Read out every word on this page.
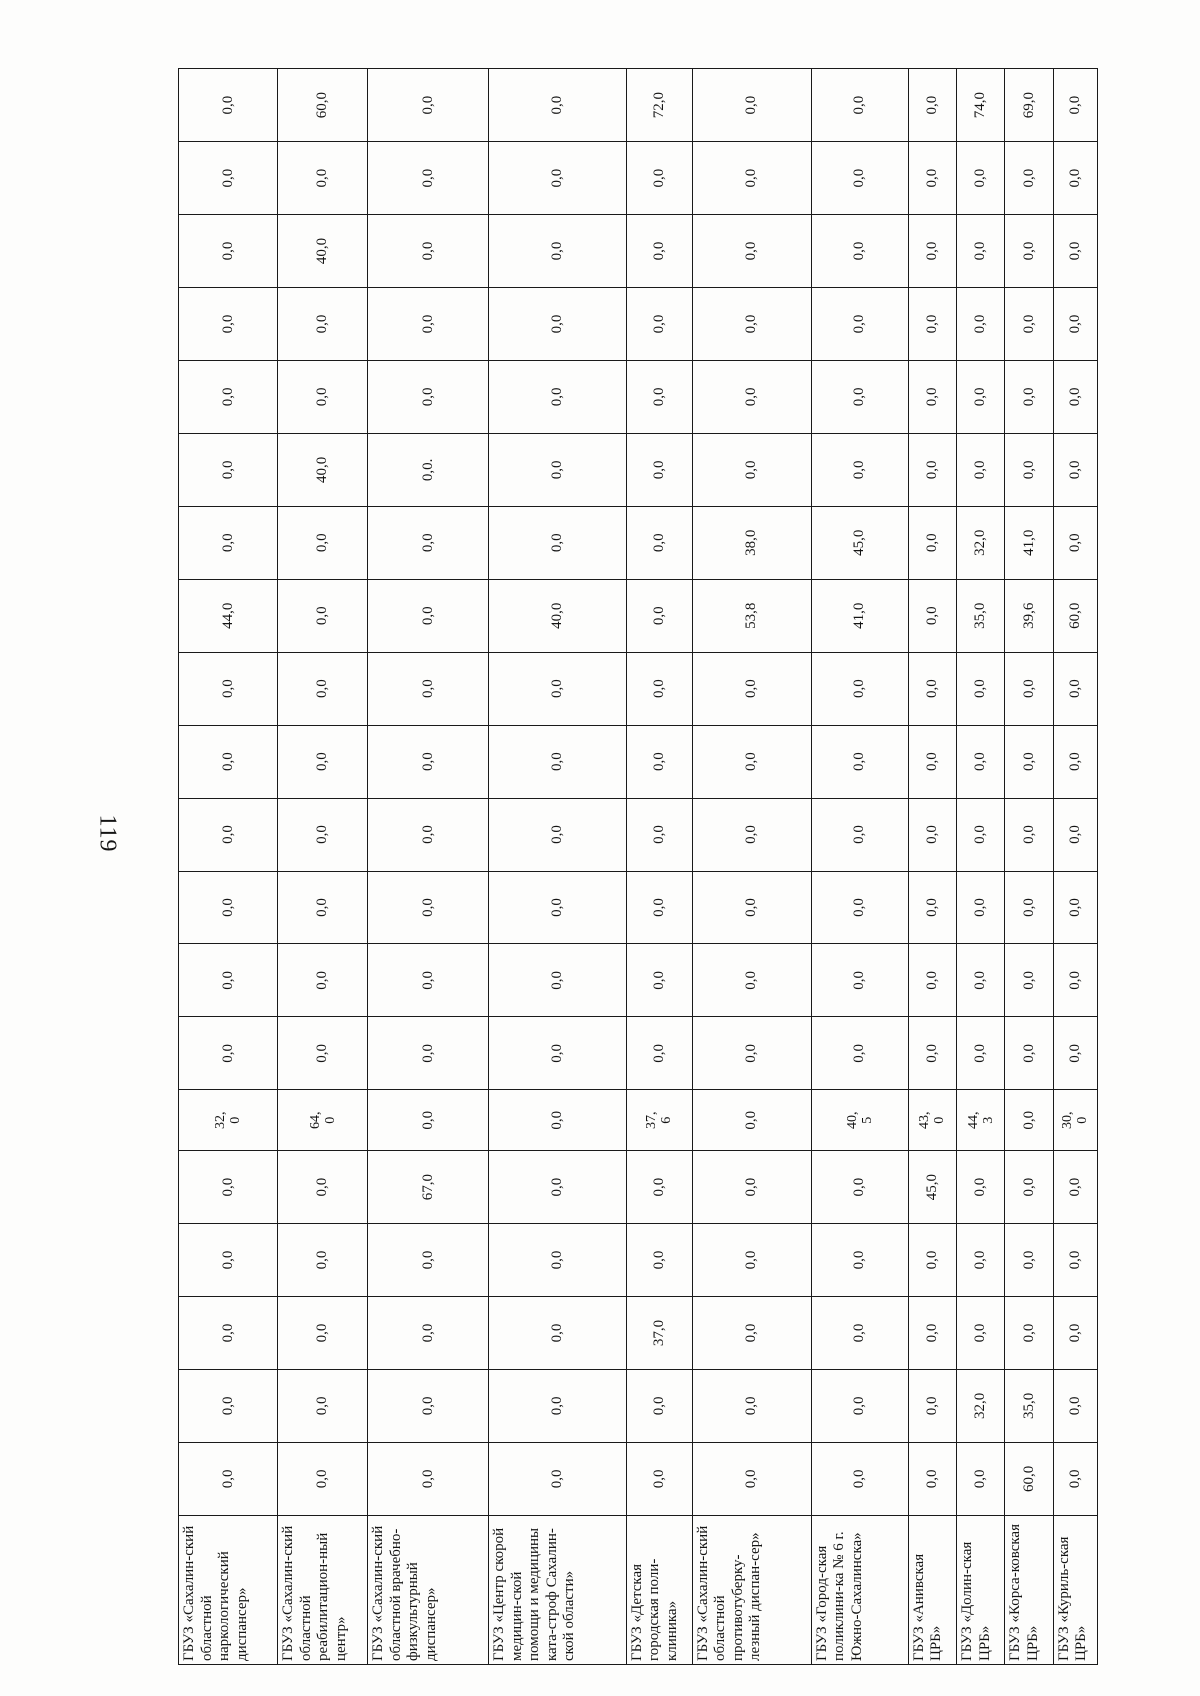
119
ГБУЗ «Сахалин-ский областной наркологический диспансер»	0,0	0,0	0,0	0,0	0,0	32, 0	0,0	0,0	0,0	0,0	0,0	0,0	44,0	0,0	0,0	0,0	0,0	0,0	0,0	0,0
ГБУЗ «Сахалин-ский областной реабилитацион-ный центр»	0,0	0,0	0,0	0,0	0,0	64, 0	0,0	0,0	0,0	0,0	0,0	0,0	0,0	0,0	40,0	0,0	0,0	40,0	0,0	60,0
ГБУЗ «Сахалин-ский областной врачебно-физкультурный диспансер»	0,0	0,0	0,0	0,0	67,0	0,0	0,0	0,0	0,0	0,0	0,0	0,0	0,0	0,0	0,0.	0,0	0,0	0,0	0,0	0,0
ГБУЗ «Центр скорой медицин-ской помощи и медицины ката-строф Сахалин-ской области»	0,0	0,0	0,0	0,0	0,0	0,0	0,0	0,0	0,0	0,0	0,0	0,0	40,0	0,0	0,0	0,0	0,0	0,0	0,0	0,0
ГБУЗ «Детская городская поли-клиника»	0,0	0,0	37,0	0,0	0,0	37, 6	0,0	0,0	0,0	0,0	0,0	0,0	0,0	0,0	0,0	0,0	0,0	0,0	0,0	72,0
ГБУЗ «Сахалин-ский областной противотуберку-лезный диспан-сер»	0,0	0,0	0,0	0,0	0,0	0,0	0,0	0,0	0,0	0,0	0,0	0,0	53,8	38,0	0,0	0,0	0,0	0,0	0,0	0,0
ГБУЗ «Город-ская поликлини-ка № 6 г. Южно-Сахалинска»	0,0	0,0	0,0	0,0	0,0	40, 5	0,0	0,0	0,0	0,0	0,0	0,0	41,0	45,0	0,0	0,0	0,0	0,0	0,0	0,0
ГБУЗ «Анивская ЦРБ»	0,0	0,0	0,0	0,0	45,0	43, 0	0,0	0,0	0,0	0,0	0,0	0,0	0,0	0,0	0,0	0,0	0,0	0,0	0,0	0,0
ГБУЗ «Долин-ская ЦРБ»	0,0	32,0	0,0	0,0	0,0	44, 3	0,0	0,0	0,0	0,0	0,0	0,0	35,0	32,0	0,0	0,0	0,0	0,0	0,0	74,0
ГБУЗ «Корса-ковская ЦРБ»	60,0	35,0	0,0	0,0	0,0	0,0	0,0	0,0	0,0	0,0	0,0	0,0	39,6	41,0	0,0	0,0	0,0	0,0	0,0	69,0
ГБУЗ «Куриль-ская ЦРБ»	0,0	0,0	0,0	0,0	0,0	30, 0	0,0	0,0	0,0	0,0	0,0	0,0	60,0	0,0	0,0	0,0	0,0	0,0	0,0	0,0
